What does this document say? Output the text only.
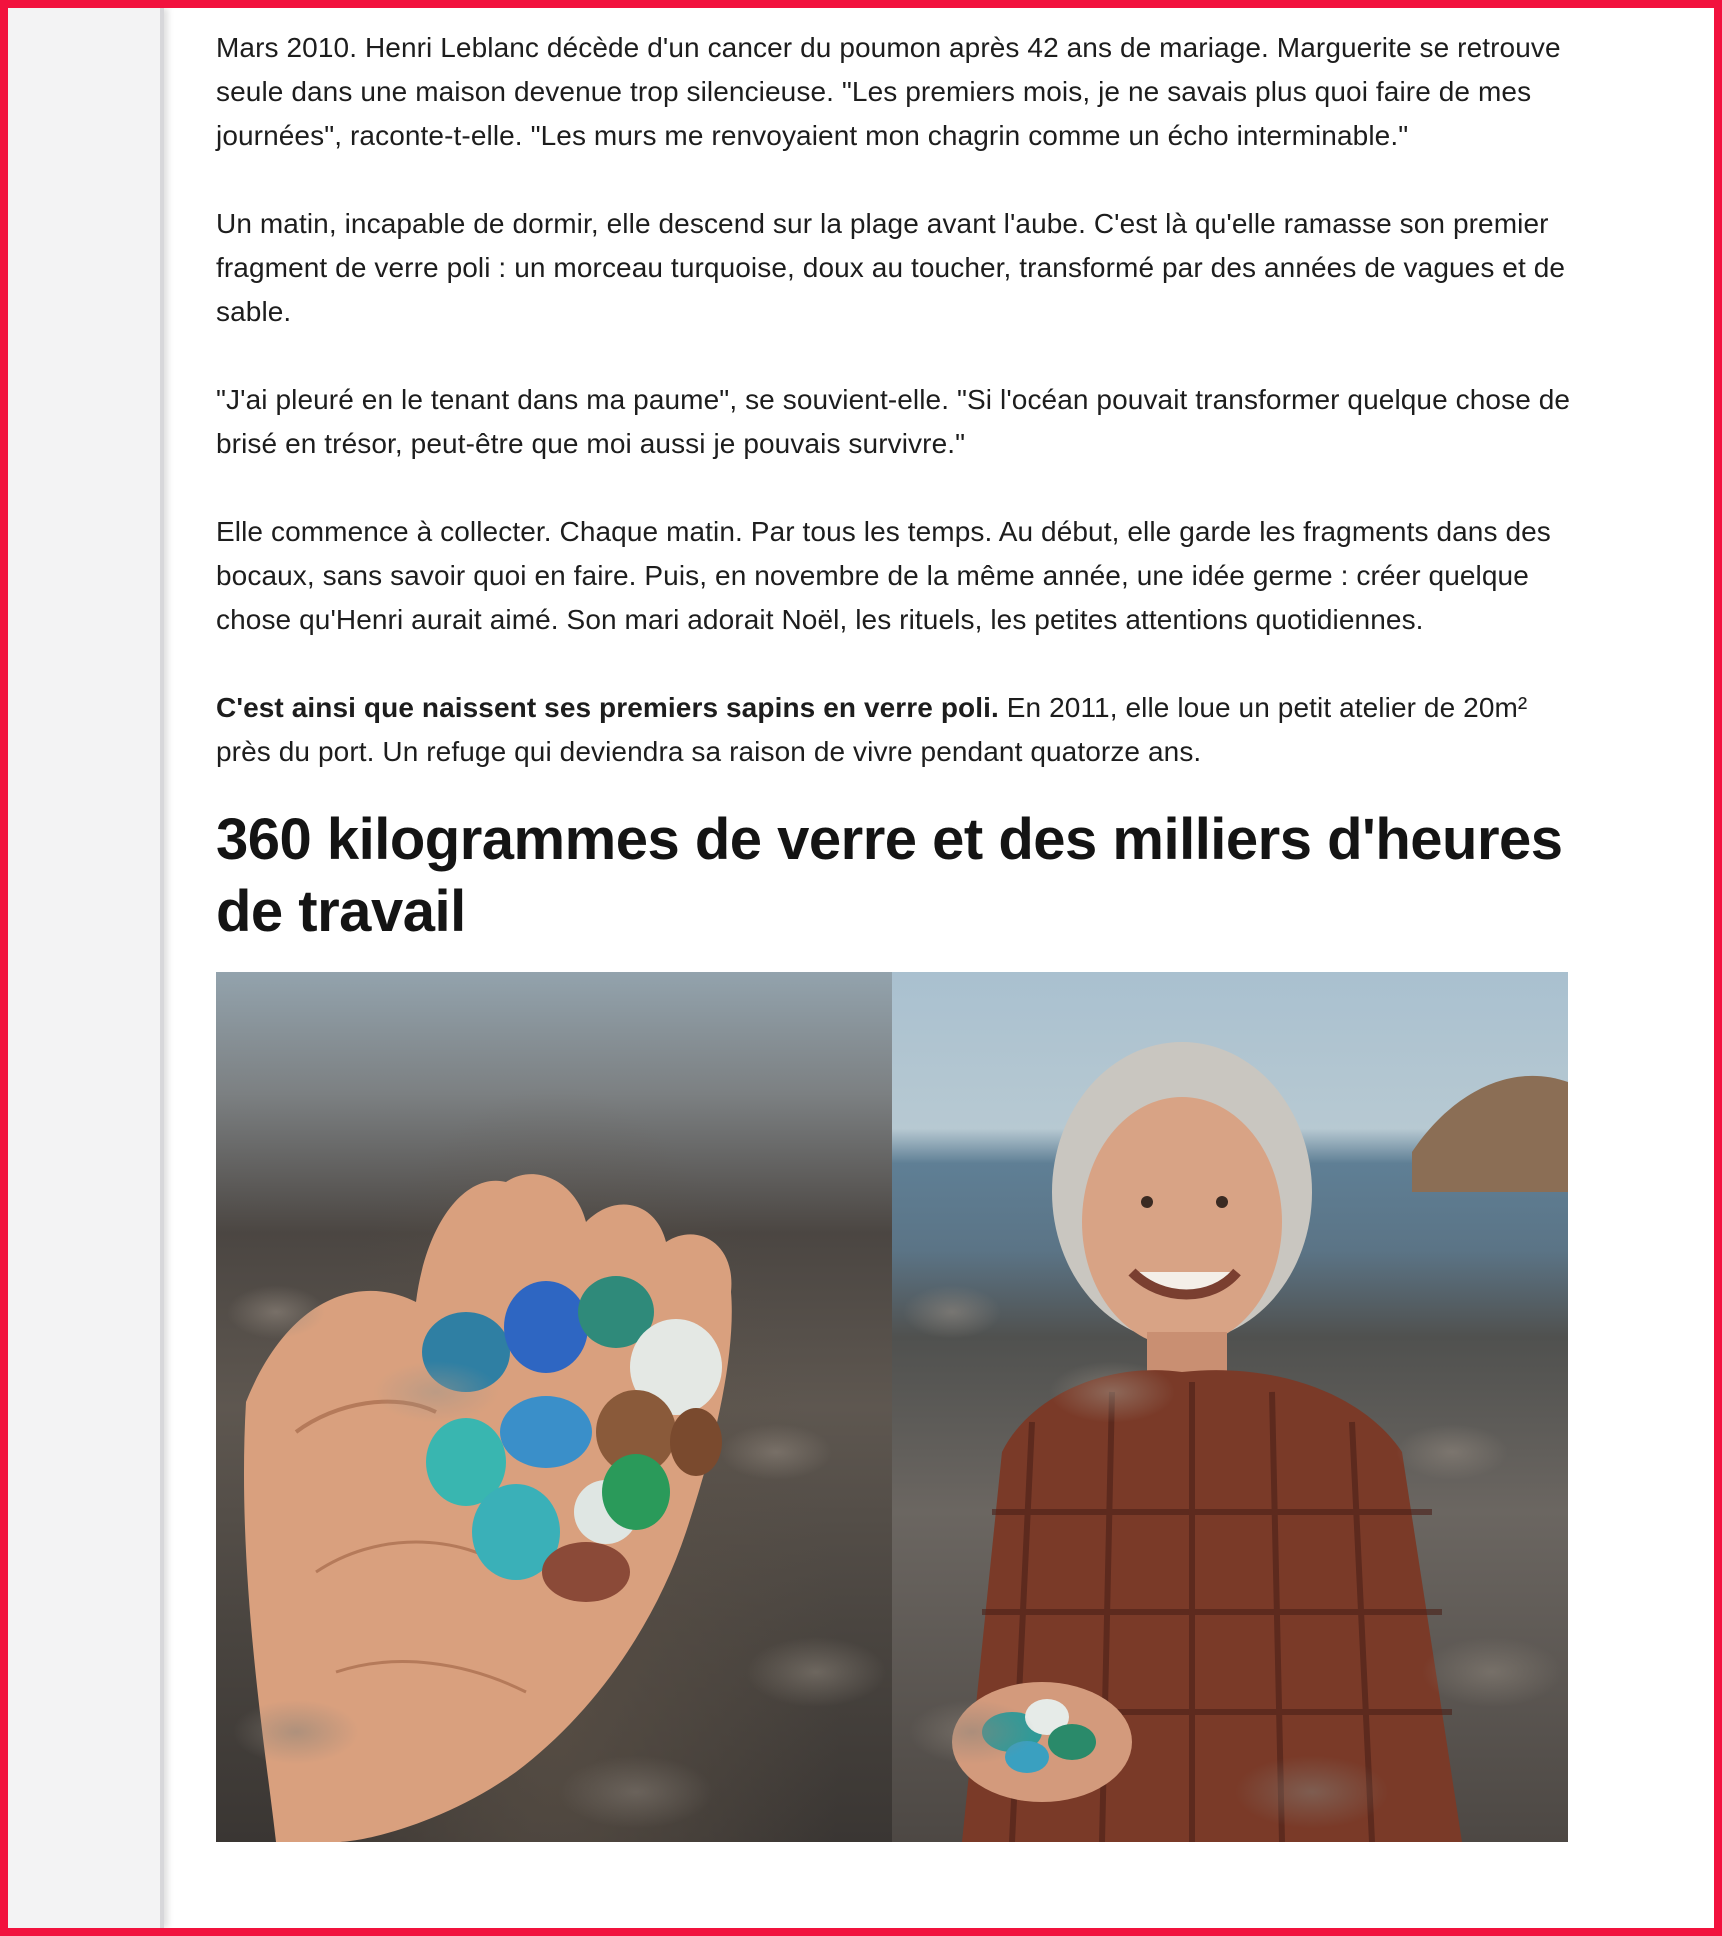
Mars 2010. Henri Leblanc décède d'un cancer du poumon après 42 ans de mariage. Marguerite se retrouve seule dans une maison devenue trop silencieuse. "Les premiers mois, je ne savais plus quoi faire de mes journées", raconte-t-elle. "Les murs me renvoyaient mon chagrin comme un écho interminable."

Un matin, incapable de dormir, elle descend sur la plage avant l'aube. C'est là qu'elle ramasse son premier fragment de verre poli : un morceau turquoise, doux au toucher, transformé par des années de vagues et de sable.

"J'ai pleuré en le tenant dans ma paume", se souvient-elle. "Si l'océan pouvait transformer quelque chose de brisé en trésor, peut-être que moi aussi je pouvais survivre."

Elle commence à collecter. Chaque matin. Par tous les temps. Au début, elle garde les fragments dans des bocaux, sans savoir quoi en faire. Puis, en novembre de la même année, une idée germe : créer quelque chose qu'Henri aurait aimé. Son mari adorait Noël, les rituels, les petites attentions quotidiennes.

C'est ainsi que naissent ses premiers sapins en verre poli. En 2011, elle loue un petit atelier de 20m² près du port. Un refuge qui deviendra sa raison de vivre pendant quatorze ans.

360 kilogrammes de verre et des milliers d'heures de travail
